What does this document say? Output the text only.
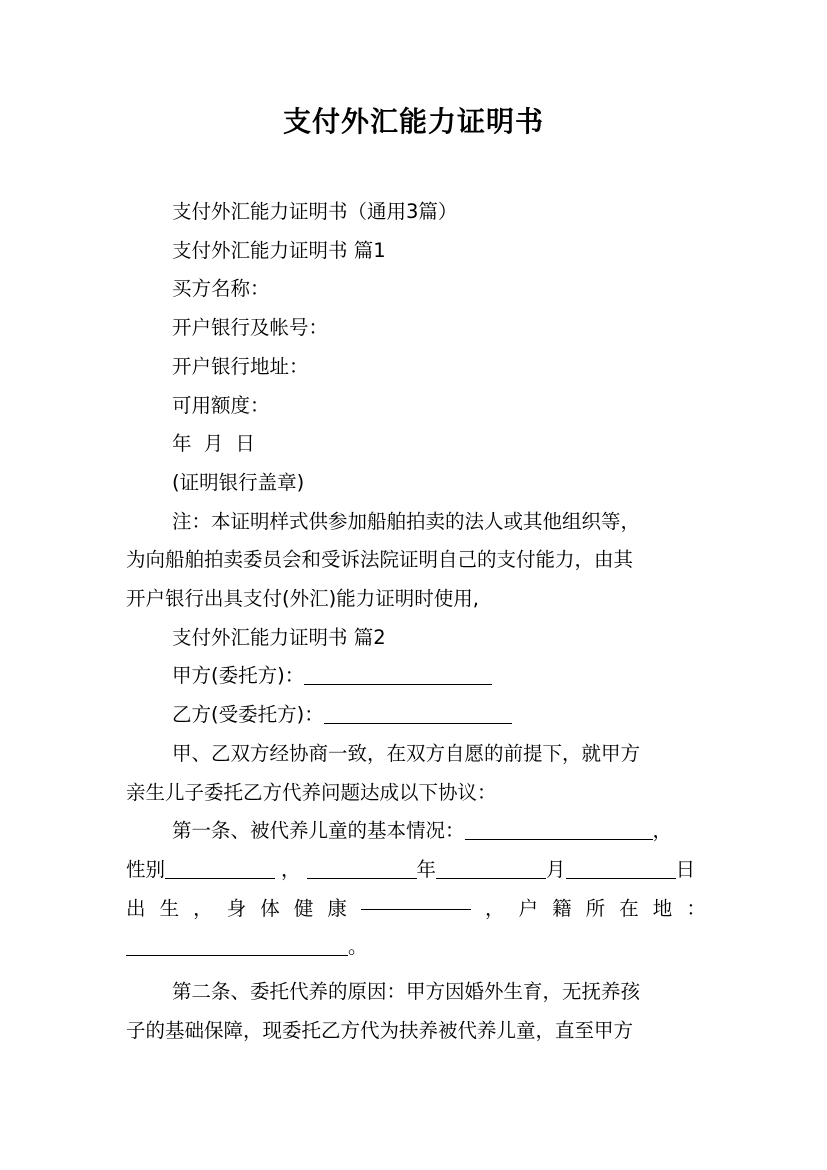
支付外汇能力证明书

支付外汇能力证明书（通用3篇）

支付外汇能力证明书 篇1

买方名称：

开户银行及帐号：

开户银行地址：

可用额度：

年 月 日

(证明银行盖章)

注：本证明样式供参加船舶拍卖的法人或其他组织等，

为向船舶拍卖委员会和受诉法院证明自己的支付能力，由其

开户银行出具支付(外汇)能力证明时使用,

支付外汇能力证明书 篇2

甲方(委托方)：

乙方(受委托方)：

甲、乙双方经协商一致，在双方自愿的前提下，就甲方

亲生儿子委托乙方代养问题达成以下协议：

第一条、被代养儿童的基本情况：	，

性别	，	年	月	日

出 生 ， 身 体 健 康	， 户 籍 所 在 地 ：

。

第二条、委托代养的原因：甲方因婚外生育，无抚养孩

子的基础保障，现委托乙方代为扶养被代养儿童，直至甲方
